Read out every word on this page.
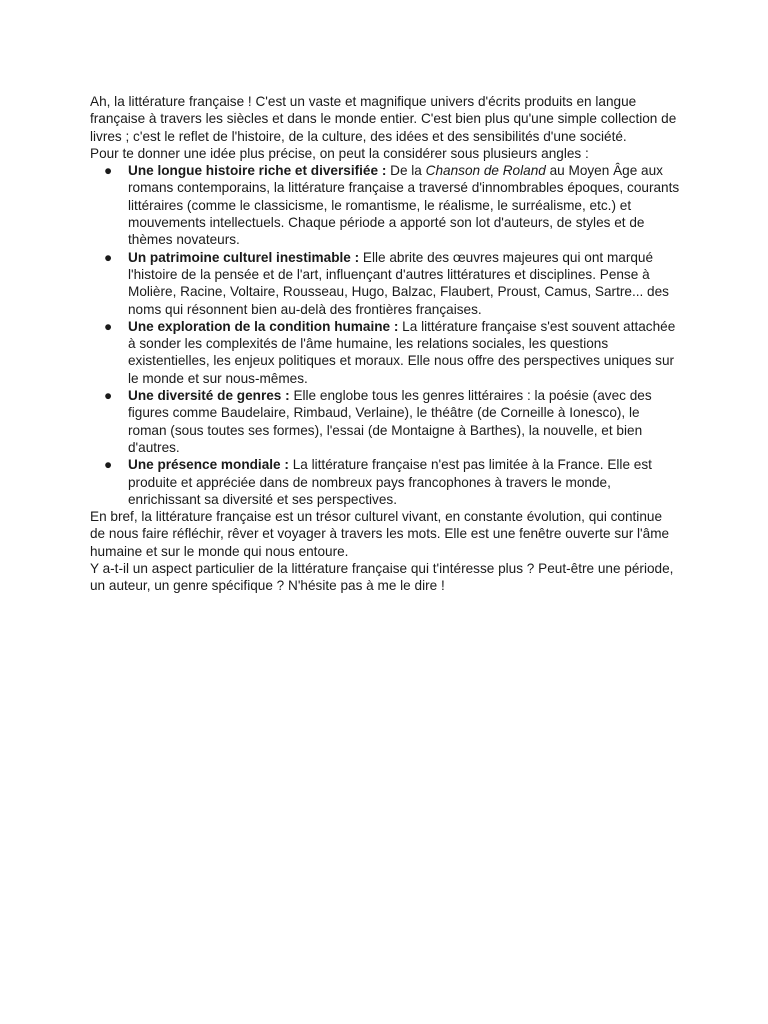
Ah, la littérature française ! C'est un vaste et magnifique univers d'écrits produits en langue française à travers les siècles et dans le monde entier. C'est bien plus qu'une simple collection de livres ; c'est le reflet de l'histoire, de la culture, des idées et des sensibilités d'une société.

Pour te donner une idée plus précise, on peut la considérer sous plusieurs angles :

● Une longue histoire riche et diversifiée : De la Chanson de Roland au Moyen Âge aux romans contemporains, la littérature française a traversé d'innombrables époques, courants littéraires (comme le classicisme, le romantisme, le réalisme, le surréalisme, etc.) et mouvements intellectuels. Chaque période a apporté son lot d'auteurs, de styles et de thèmes novateurs.
● Un patrimoine culturel inestimable : Elle abrite des œuvres majeures qui ont marqué l'histoire de la pensée et de l'art, influençant d'autres littératures et disciplines. Pense à Molière, Racine, Voltaire, Rousseau, Hugo, Balzac, Flaubert, Proust, Camus, Sartre... des noms qui résonnent bien au-delà des frontières françaises.
● Une exploration de la condition humaine : La littérature française s'est souvent attachée à sonder les complexités de l'âme humaine, les relations sociales, les questions existentielles, les enjeux politiques et moraux. Elle nous offre des perspectives uniques sur le monde et sur nous-mêmes.
● Une diversité de genres : Elle englobe tous les genres littéraires : la poésie (avec des figures comme Baudelaire, Rimbaud, Verlaine), le théâtre (de Corneille à Ionesco), le roman (sous toutes ses formes), l'essai (de Montaigne à Barthes), la nouvelle, et bien d'autres.
● Une présence mondiale : La littérature française n'est pas limitée à la France. Elle est produite et appréciée dans de nombreux pays francophones à travers le monde, enrichissant sa diversité et ses perspectives.

En bref, la littérature française est un trésor culturel vivant, en constante évolution, qui continue de nous faire réfléchir, rêver et voyager à travers les mots. Elle est une fenêtre ouverte sur l'âme humaine et sur le monde qui nous entoure.

Y a-t-il un aspect particulier de la littérature française qui t'intéresse plus ? Peut-être une période, un auteur, un genre spécifique ? N'hésite pas à me le dire !
